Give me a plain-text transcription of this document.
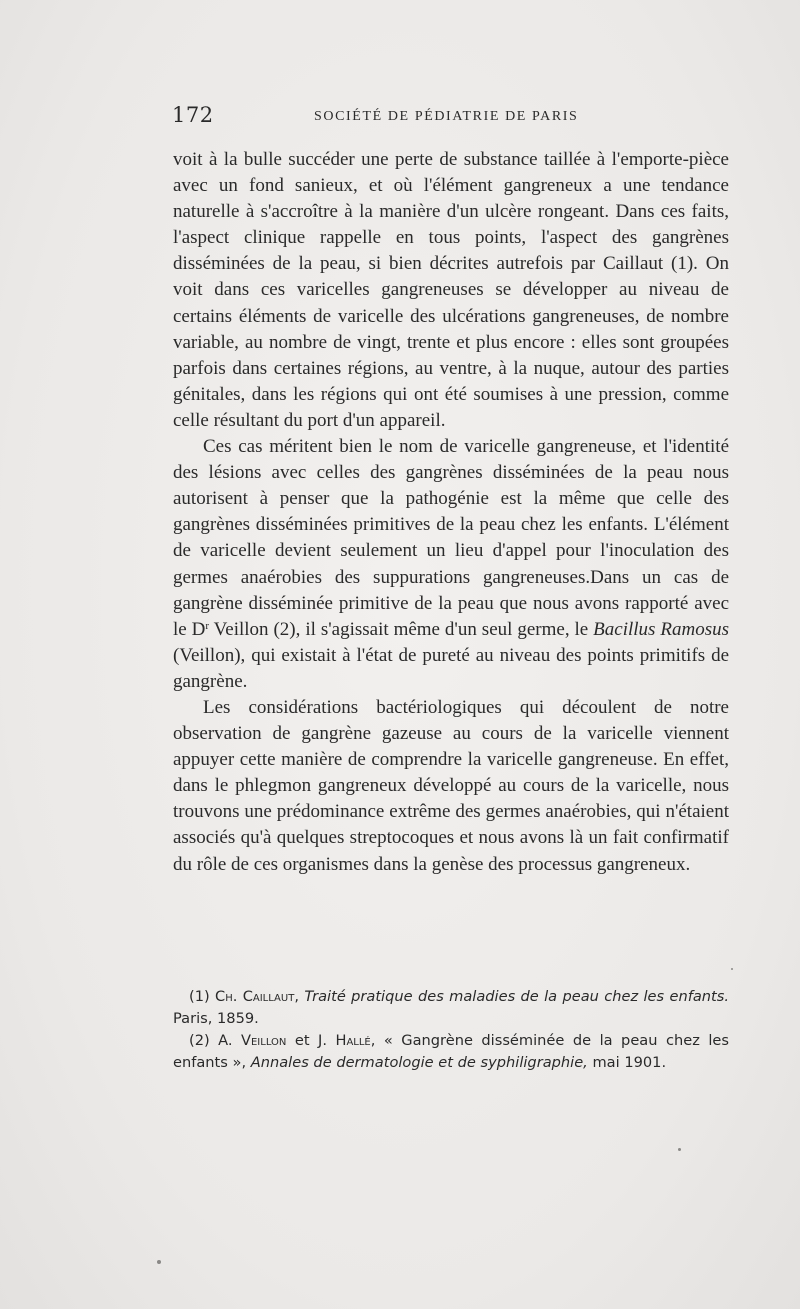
172	SOCIÉTÉ DE PÉDIATRIE DE PARIS

voit à la bulle succéder une perte de substance taillée à l'emporte-pièce avec un fond sanieux, et où l'élément gangreneux a une tendance naturelle à s'accroître à la manière d'un ulcère rongeant. Dans ces faits, l'aspect clinique rappelle en tous points, l'aspect des gangrènes disséminées de la peau, si bien décrites autrefois par Caillaut (1). On voit dans ces varicelles gangreneuses se développer au niveau de certains éléments de varicelle des ulcérations gangreneuses, de nombre variable, au nombre de vingt, trente et plus encore : elles sont groupées parfois dans certaines régions, au ventre, à la nuque, autour des parties génitales, dans les régions qui ont été soumises à une pression, comme celle résultant du port d'un appareil.

Ces cas méritent bien le nom de varicelle gangreneuse, et l'identité des lésions avec celles des gangrènes disséminées de la peau nous autorisent à penser que la pathogénie est la même que celle des gangrènes disséminées primitives de la peau chez les enfants. L'élément de varicelle devient seulement un lieu d'appel pour l'inoculation des germes anaérobies des suppurations gangreneuses.Dans un cas de gangrène disséminée primitive de la peau que nous avons rapporté avec le $D^r$ Veillon (2), il s'agissait même d'un seul germe, le Bacillus Ramosus (Veillon), qui existait à l'état de pureté au niveau des points primitifs de gangrène.

Les considérations bactériologiques qui découlent de notre observation de gangrène gazeuse au cours de la varicelle viennent appuyer cette manière de comprendre la varicelle gangreneuse. En effet, dans le phlegmon gangreneux développé au cours de la varicelle, nous trouvons une prédominance extrême des germes anaérobies, qui n'étaient associés qu'à quelques streptocoques et nous avons là un fait confirmatif du rôle de ces organismes dans la genèse des processus gangreneux.

(1) Ch. Caillaut, Traité pratique des maladies de la peau chez les enfants. Paris, 1859.

(2) A. Veillon et J. Hallé, « Gangrène disséminée de la peau chez les enfants », Annales de dermatologie et de syphiligraphie, mai 1901.
